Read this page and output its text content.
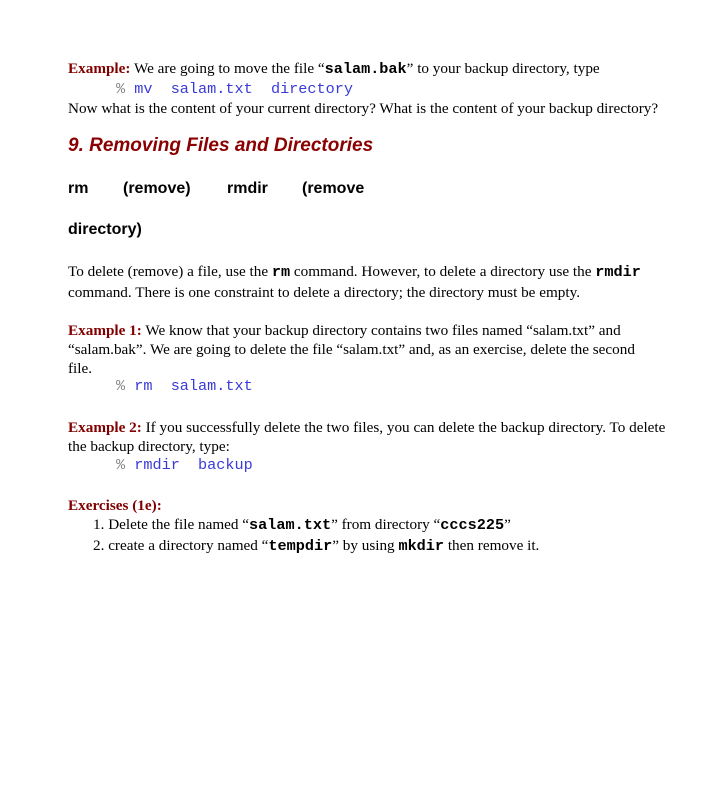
Example: We are going to move the file “salam.bak” to your backup directory, type
% mv  salam.txt  directory
Now what is the content of your current directory? What is the content of your backup directory?
9. Removing Files and Directories
rm (remove) rmdir (remove
directory)
To delete (remove) a file, use the rm command. However, to delete a directory use the rmdir
command. There is one constraint to delete a directory; the directory must be empty.
Example 1: We know that your backup directory contains two files named “salam.txt” and
“salam.bak”. We are going to delete the file “salam.txt” and, as an exercise, delete the second
file.
% rm  salam.txt
Example 2: If you successfully delete the two files, you can delete the backup directory. To delete
the backup directory, type:
% rmdir  backup
Exercises (1e):
1. Delete the file named “salam.txt” from directory “cccs225”
2. create a directory named “tempdir” by using mkdir then remove it.
